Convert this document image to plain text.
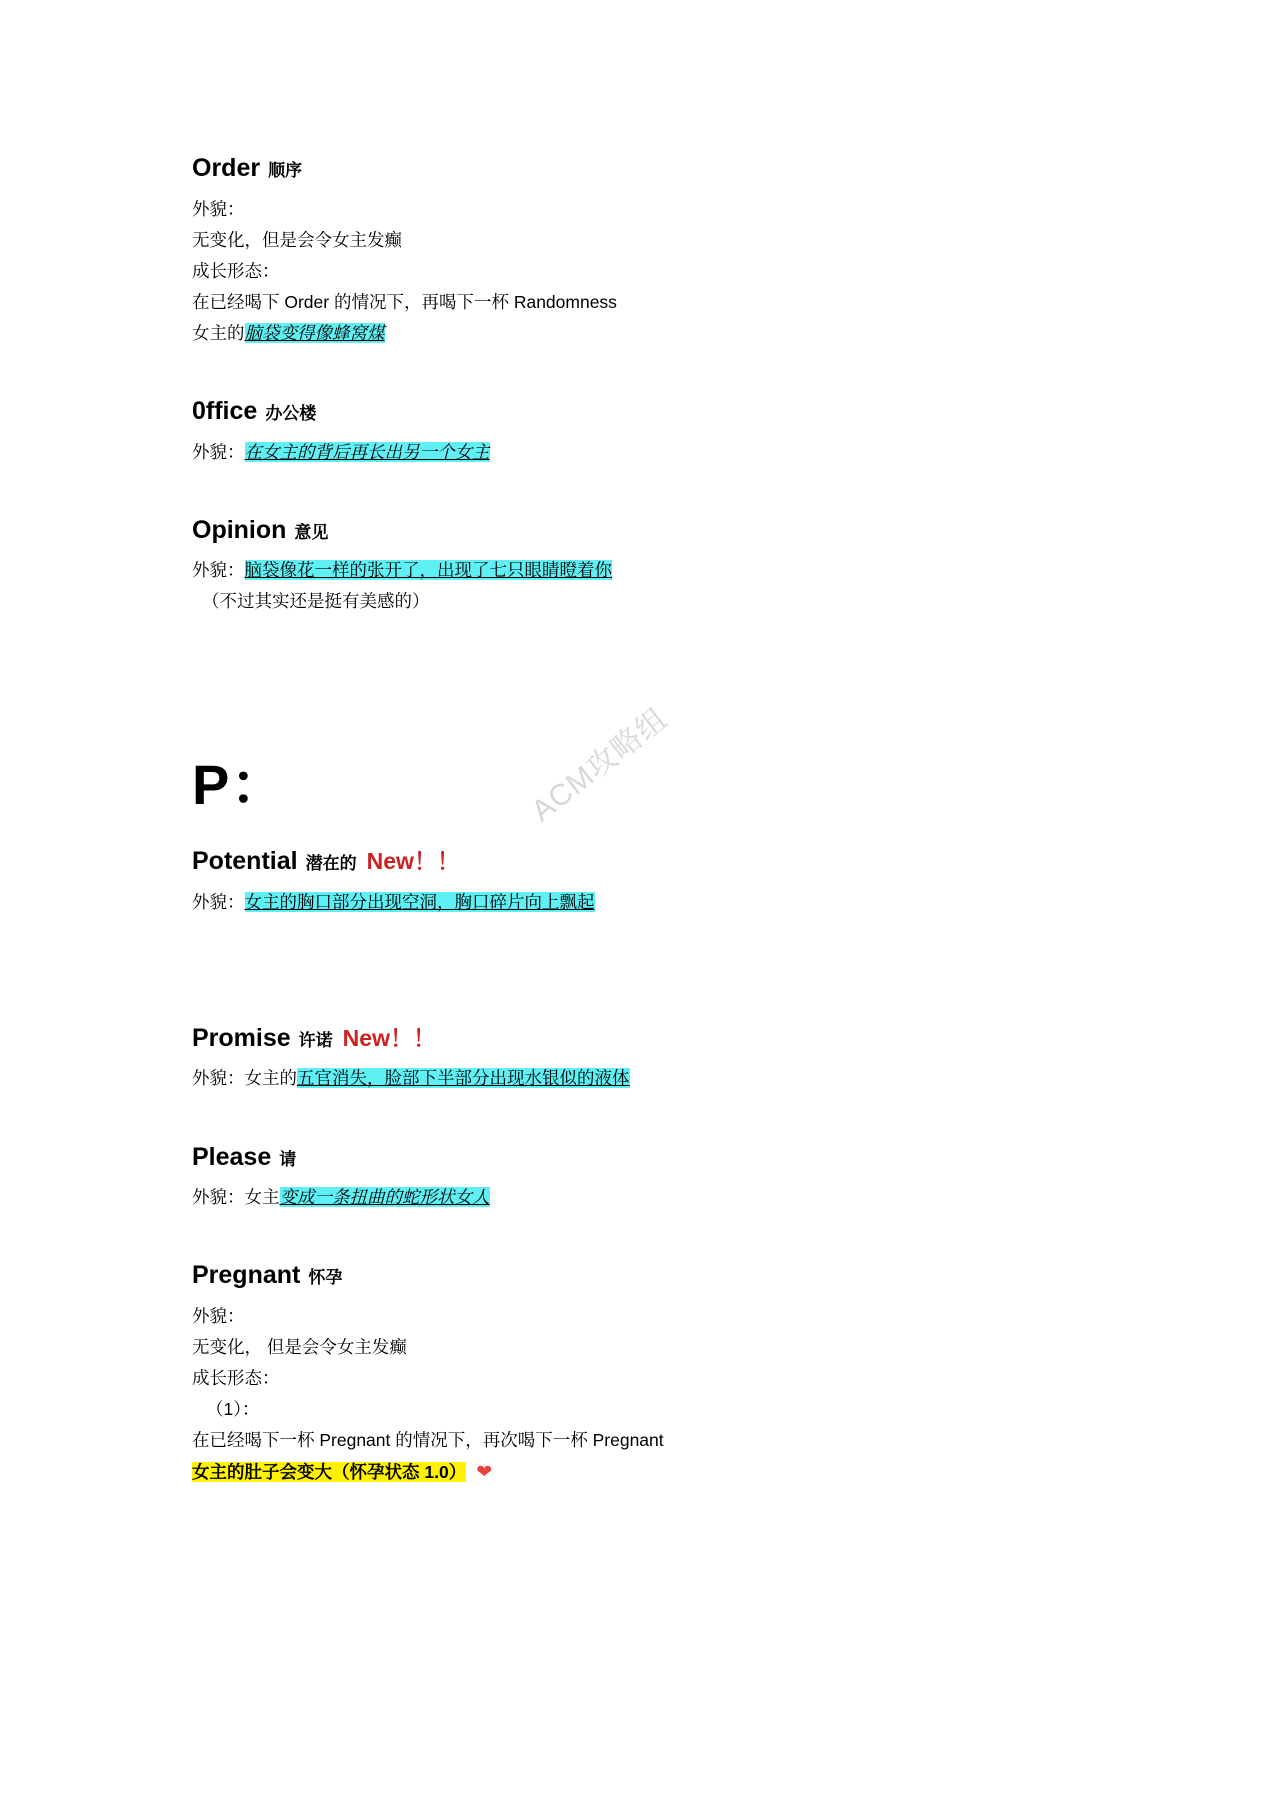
ACM攻略组
Order 顺序
外貌：
无变化，但是会令女主发癫
成长形态：
在已经喝下 Order 的情况下，再喝下一杯 Randomness
女主的脑袋变得像蜂窝煤
0ffice 办公楼
外貌：在女主的背后再长出另一个女主
Opinion 意见
外貌：脑袋像花一样的张开了，出现了七只眼睛瞪着你
（不过其实还是挺有美感的）
P：
Potential 潜在的 New！！
外貌：女主的胸口部分出现空洞，胸口碎片向上飘起
Promise 许诺 New！！
外貌：女主的五官消失，脸部下半部分出现水银似的液体
Please 请
外貌：女主变成一条扭曲的蛇形状女人
Pregnant 怀孕
外貌：
无变化， 但是会令女主发癫
成长形态：
（1）：
在已经喝下一杯 Pregnant 的情况下，再次喝下一杯 Pregnant
女主的肚子会变大（怀孕状态 1.0） ❤
